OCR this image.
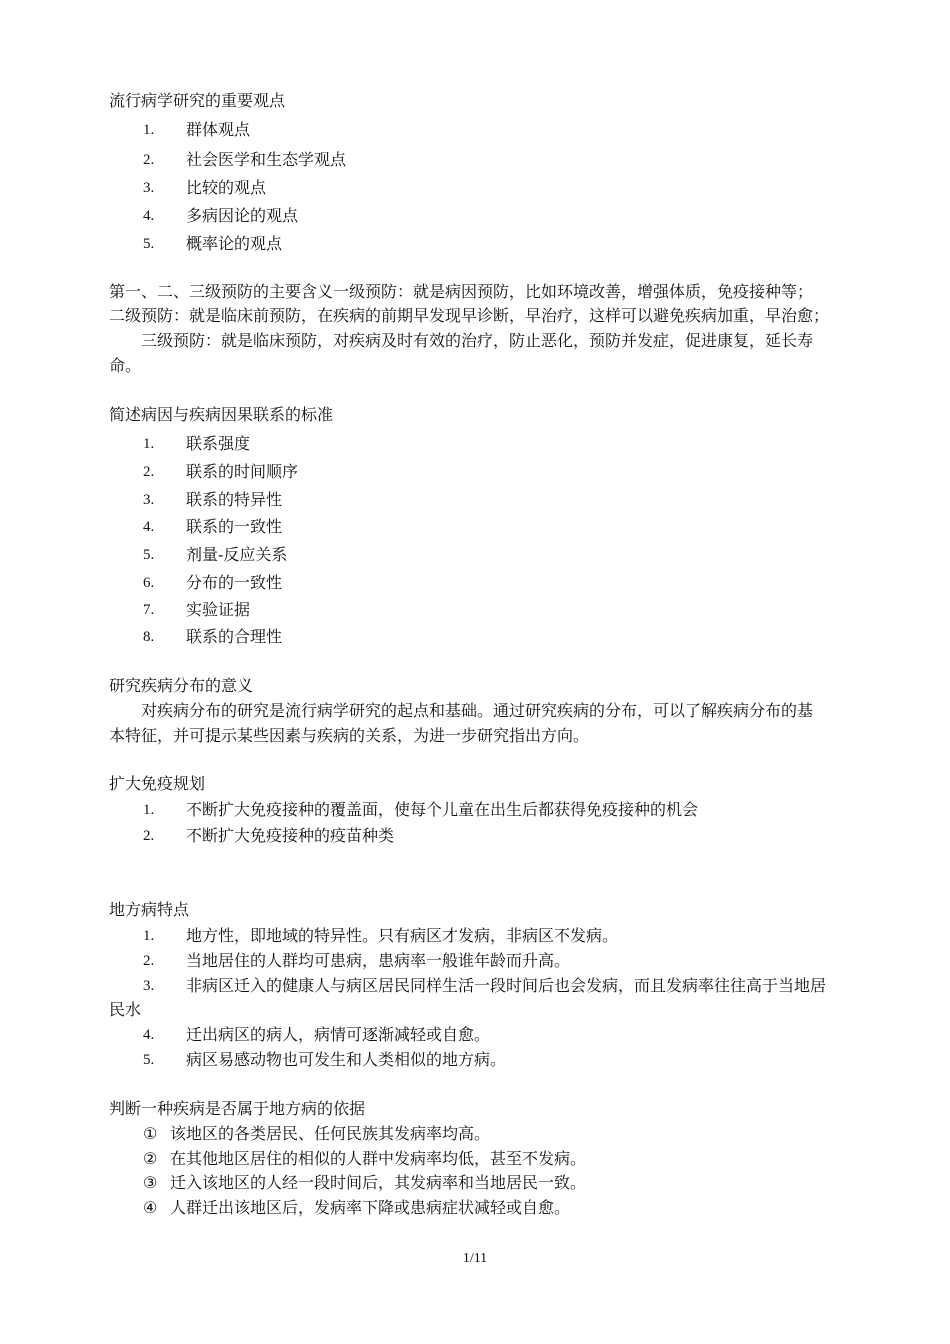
流行病学研究的重要观点
1. 群体观点
2. 社会医学和生态学观点
3. 比较的观点
4. 多病因论的观点
5. 概率论的观点
第一、二、三级预防的主要含义一级预防：就是病因预防，比如环境改善，增强体质，免疫接种等；
二级预防：就是临床前预防，在疾病的前期早发现早诊断，早治疗，这样可以避免疾病加重，早治愈；
三级预防：就是临床预防，对疾病及时有效的治疗，防止恶化，预防并发症，促进康复，延长寿
命。
简述病因与疾病因果联系的标准
1. 联系强度
2. 联系的时间顺序
3. 联系的特异性
4. 联系的一致性
5. 剂量-反应关系
6. 分布的一致性
7. 实验证据
8. 联系的合理性
研究疾病分布的意义
对疾病分布的研究是流行病学研究的起点和基础。通过研究疾病的分布，可以了解疾病分布的基
本特征，并可提示某些因素与疾病的关系，为进一步研究指出方向。
扩大免疫规划
1. 不断扩大免疫接种的覆盖面，使每个儿童在出生后都获得免疫接种的机会
2. 不断扩大免疫接种的疫苗种类
地方病特点
1. 地方性，即地域的特异性。只有病区才发病，非病区不发病。
2. 当地居住的人群均可患病，患病率一般谁年龄而升高。
3. 非病区迁入的健康人与病区居民同样生活一段时间后也会发病，而且发病率往往高于当地居
民水
4. 迁出病区的病人，病情可逐渐减轻或自愈。
5. 病区易感动物也可发生和人类相似的地方病。
判断一种疾病是否属于地方病的依据
① 该地区的各类居民、任何民族其发病率均高。
② 在其他地区居住的相似的人群中发病率均低，甚至不发病。
③ 迁入该地区的人经一段时间后，其发病率和当地居民一致。
④ 人群迁出该地区后，发病率下降或患病症状减轻或自愈。
1/11
